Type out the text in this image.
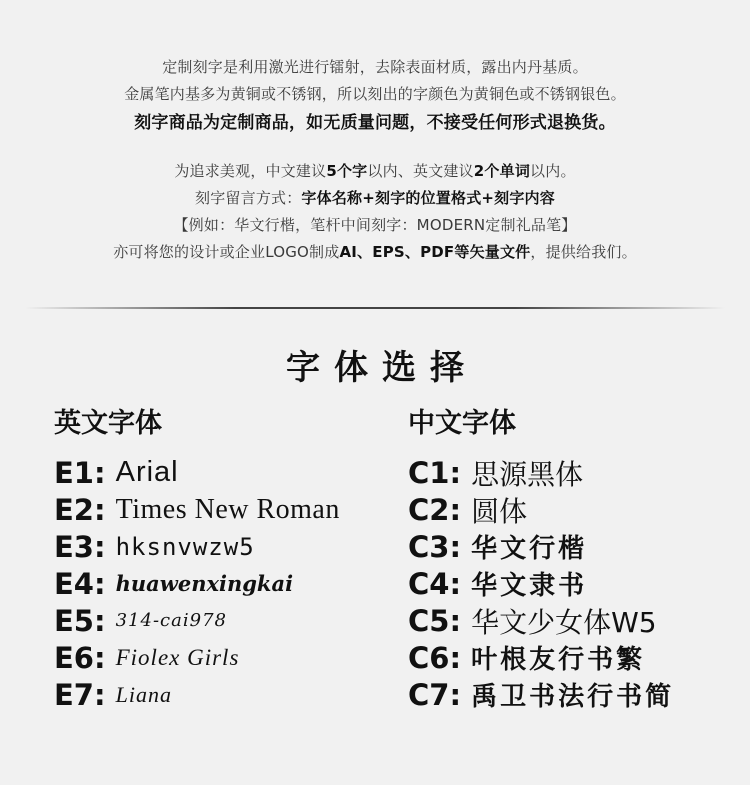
定制刻字是利用激光进行镭射，去除表面材质，露出内丹基质。

金属笔内基多为黄铜或不锈钢，所以刻出的字颜色为黄铜色或不锈钢银色。

刻字商品为定制商品，如无质量问题，不接受任何形式退换货。

为追求美观，中文建议5个字以内、英文建议2个单词以内。

刻字留言方式：字体名称+刻字的位置格式+刻字内容

【例如：华文行楷，笔杆中间刻字：MODERN定制礼品笔】

亦可将您的设计或企业LOGO制成AI、EPS、PDF等矢量文件，提供给我们。

字体选择
英文字体
E1 : Arial
E2 : Times New Roman
E3 : hksnvwzw5
E4 : huawenxingkai
E5 : 314-cai978
E6 : Fiolex Girls
E7 : Liana
中文字体
C1 : 思源黑体
C2 : 圆体
C3 : 华文行楷
C4 : 华文隶书
C5 : 华文少女体W5
C6 : 叶根友行书繁
C7 : 禹卫书法行书简
